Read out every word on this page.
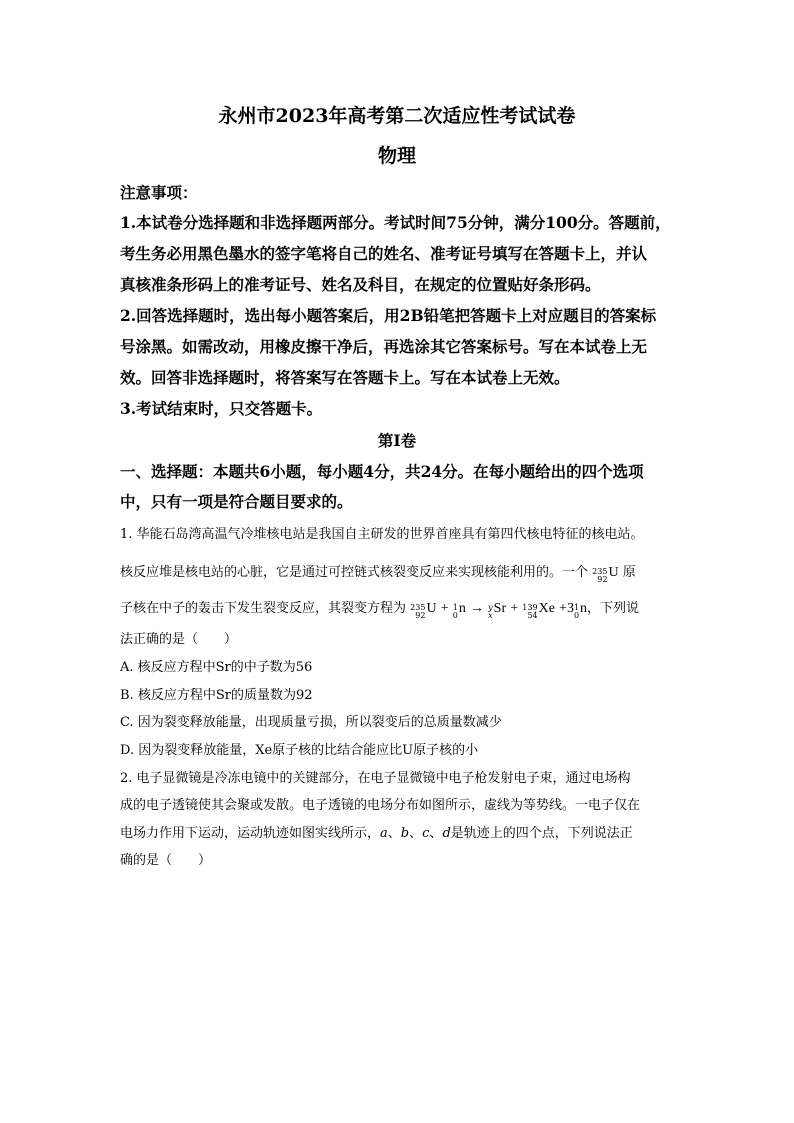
永州市2023年高考第二次适应性考试试卷
物理
注意事项：
1.本试卷分选择题和非选择题两部分。考试时间75分钟，满分100分。答题前，
考生务必用黑色墨水的签字笔将自己的姓名、准考证号填写在答题卡上，并认
真核准条形码上的准考证号、姓名及科目，在规定的位置贴好条形码。
2.回答选择题时，选出每小题答案后，用2B铅笔把答题卡上对应题目的答案标
号涂黑。如需改动，用橡皮擦干净后，再选涂其它答案标号。写在本试卷上无
效。回答非选择题时，将答案写在答题卡上。写在本试卷上无效。
3.考试结束时，只交答题卡。
第Ⅰ卷
一、选择题：本题共6小题，每小题4分，共24分。在每小题给出的四个选项
中，只有一项是符合题目要求的。
1. 华能石岛湾高温气冷堆核电站是我国自主研发的世界首座具有第四代核电特征的核电站。
核反应堆是核电站的心脏，它是通过可控链式核裂变反应来实现核能利用的。一个 235
92 U 原
子核在中子的轰击下发生裂变反应，其裂变方程为 235
92 U + 1
0 n → y
x Sr + 139
54 Xe +3 1
0 n，下列说
法正确的是（　　）
A. 核反应方程中Sr的中子数为56
B. 核反应方程中Sr的质量数为92
C. 因为裂变释放能量，出现质量亏损，所以裂变后的总质量数减少
D. 因为裂变释放能量，Xe原子核的比结合能应比U原子核的小
2. 电子显微镜是冷冻电镜中的关键部分，在电子显微镜中电子枪发射电子束，通过电场构
成的电子透镜使其会聚或发散。电子透镜的电场分布如图所示，虚线为等势线。一电子仅在
电场力作用下运动，运动轨迹如图实线所示，a、b、c、d是轨迹上的四个点，下列说法正
确的是（　　）
